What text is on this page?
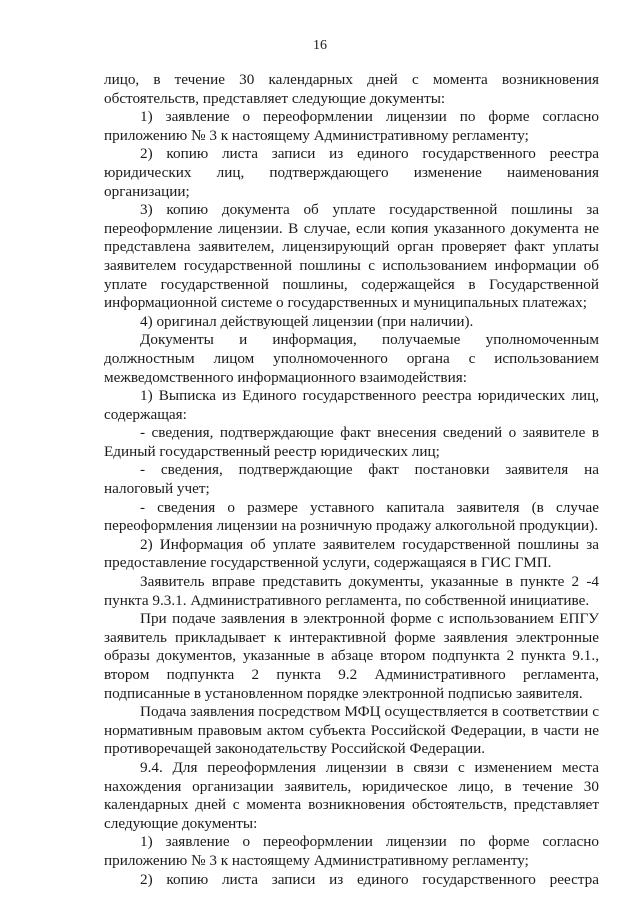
16

лицо, в течение 30 календарных дней с момента возникновения обстоятельств, представляет следующие документы:

1) заявление о переоформлении лицензии по форме согласно приложению № 3 к настоящему Административному регламенту;

2) копию листа записи из единого государственного реестра юридических лиц, подтверждающего изменение наименования организации;

3) копию документа об уплате государственной пошлины за переоформление лицензии. В случае, если копия указанного документа не представлена заявителем, лицензирующий орган проверяет факт уплаты заявителем государственной пошлины с использованием информации об уплате государственной пошлины, содержащейся в Государственной информационной системе о государственных и муниципальных платежах;

4) оригинал действующей лицензии (при наличии).

Документы и информация, получаемые уполномоченным должностным лицом уполномоченного органа с использованием межведомственного информационного взаимодействия:

1) Выписка из Единого государственного реестра юридических лиц, содержащая:

- сведения, подтверждающие факт внесения сведений о заявителе в Единый государственный реестр юридических лиц;

- сведения, подтверждающие факт постановки заявителя на налоговый учет;

- сведения о размере уставного капитала заявителя (в случае переоформления лицензии на розничную продажу алкогольной продукции).

2) Информация об уплате заявителем государственной пошлины за предоставление государственной услуги, содержащаяся в ГИС ГМП.

Заявитель вправе представить документы, указанные в пункте 2 -4 пункта 9.3.1. Административного регламента, по собственной инициативе.

При подаче заявления в электронной форме с использованием ЕПГУ заявитель прикладывает к интерактивной форме заявления электронные образы документов, указанные в абзаце втором подпункта 2 пункта 9.1., втором подпункта 2 пункта 9.2 Административного регламента, подписанные в установленном порядке электронной подписью заявителя.

Подача заявления посредством МФЦ осуществляется в соответствии с нормативным правовым актом субъекта Российской Федерации, в части не противоречащей законодательству Российской Федерации.

9.4. Для переоформления лицензии в связи с изменением места нахождения организации заявитель, юридическое лицо, в течение 30 календарных дней с момента возникновения обстоятельств, представляет следующие документы:

1) заявление о переоформлении лицензии по форме согласно приложению № 3 к настоящему Административному регламенту;

2) копию листа записи из единого государственного реестра
